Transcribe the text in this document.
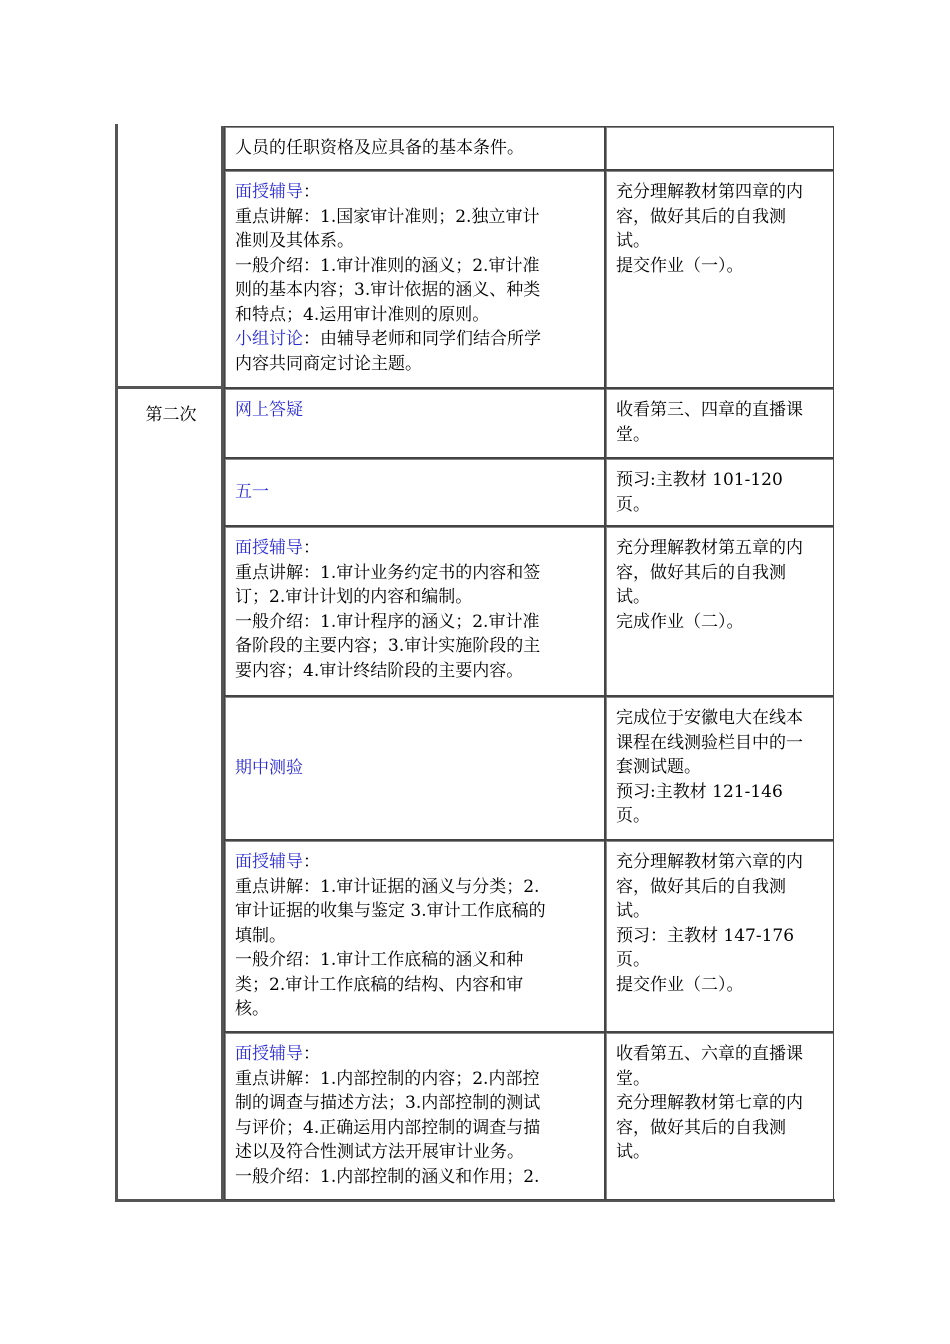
人员的任职资格及应具备的基本条件。
面授辅导：
重点讲解：1.国家审计准则；2.独立审计
准则及其体系。
一般介绍：1.审计准则的涵义；2.审计准
则的基本内容；3.审计依据的涵义、种类
和特点；4.运用审计准则的原则。
小组讨论：由辅导老师和同学们结合所学
内容共同商定讨论主题。
充分理解教材第四章的内
容，做好其后的自我测
试。
提交作业（一）。
第二次	网上答疑	收看第三、四章的直播课
堂。
五一
预习:主教材 101-120
页。
面授辅导：
重点讲解：1.审计业务约定书的内容和签
订；2.审计计划的内容和编制。
一般介绍：1.审计程序的涵义；2.审计准
备阶段的主要内容；3.审计实施阶段的主
要内容；4.审计终结阶段的主要内容。
充分理解教材第五章的内
容，做好其后的自我测
试。
完成作业（二）。
期中测验
完成位于安徽电大在线本
课程在线测验栏目中的一
套测试题。
预习:主教材 121-146
页。
面授辅导：
重点讲解：1.审计证据的涵义与分类；2.
审计证据的收集与鉴定 3.审计工作底稿的
填制。
一般介绍：1.审计工作底稿的涵义和种
类；2.审计工作底稿的结构、内容和审
核。
充分理解教材第六章的内
容，做好其后的自我测
试。
预习：主教材 147-176
页。
提交作业（二）。
面授辅导：
重点讲解：1.内部控制的内容；2.内部控
制的调查与描述方法；3.内部控制的测试
与评价；4.正确运用内部控制的调查与描
述以及符合性测试方法开展审计业务。
一般介绍：1.内部控制的涵义和作用；2.
收看第五、六章的直播课
堂。
充分理解教材第七章的内
容，做好其后的自我测
试。
